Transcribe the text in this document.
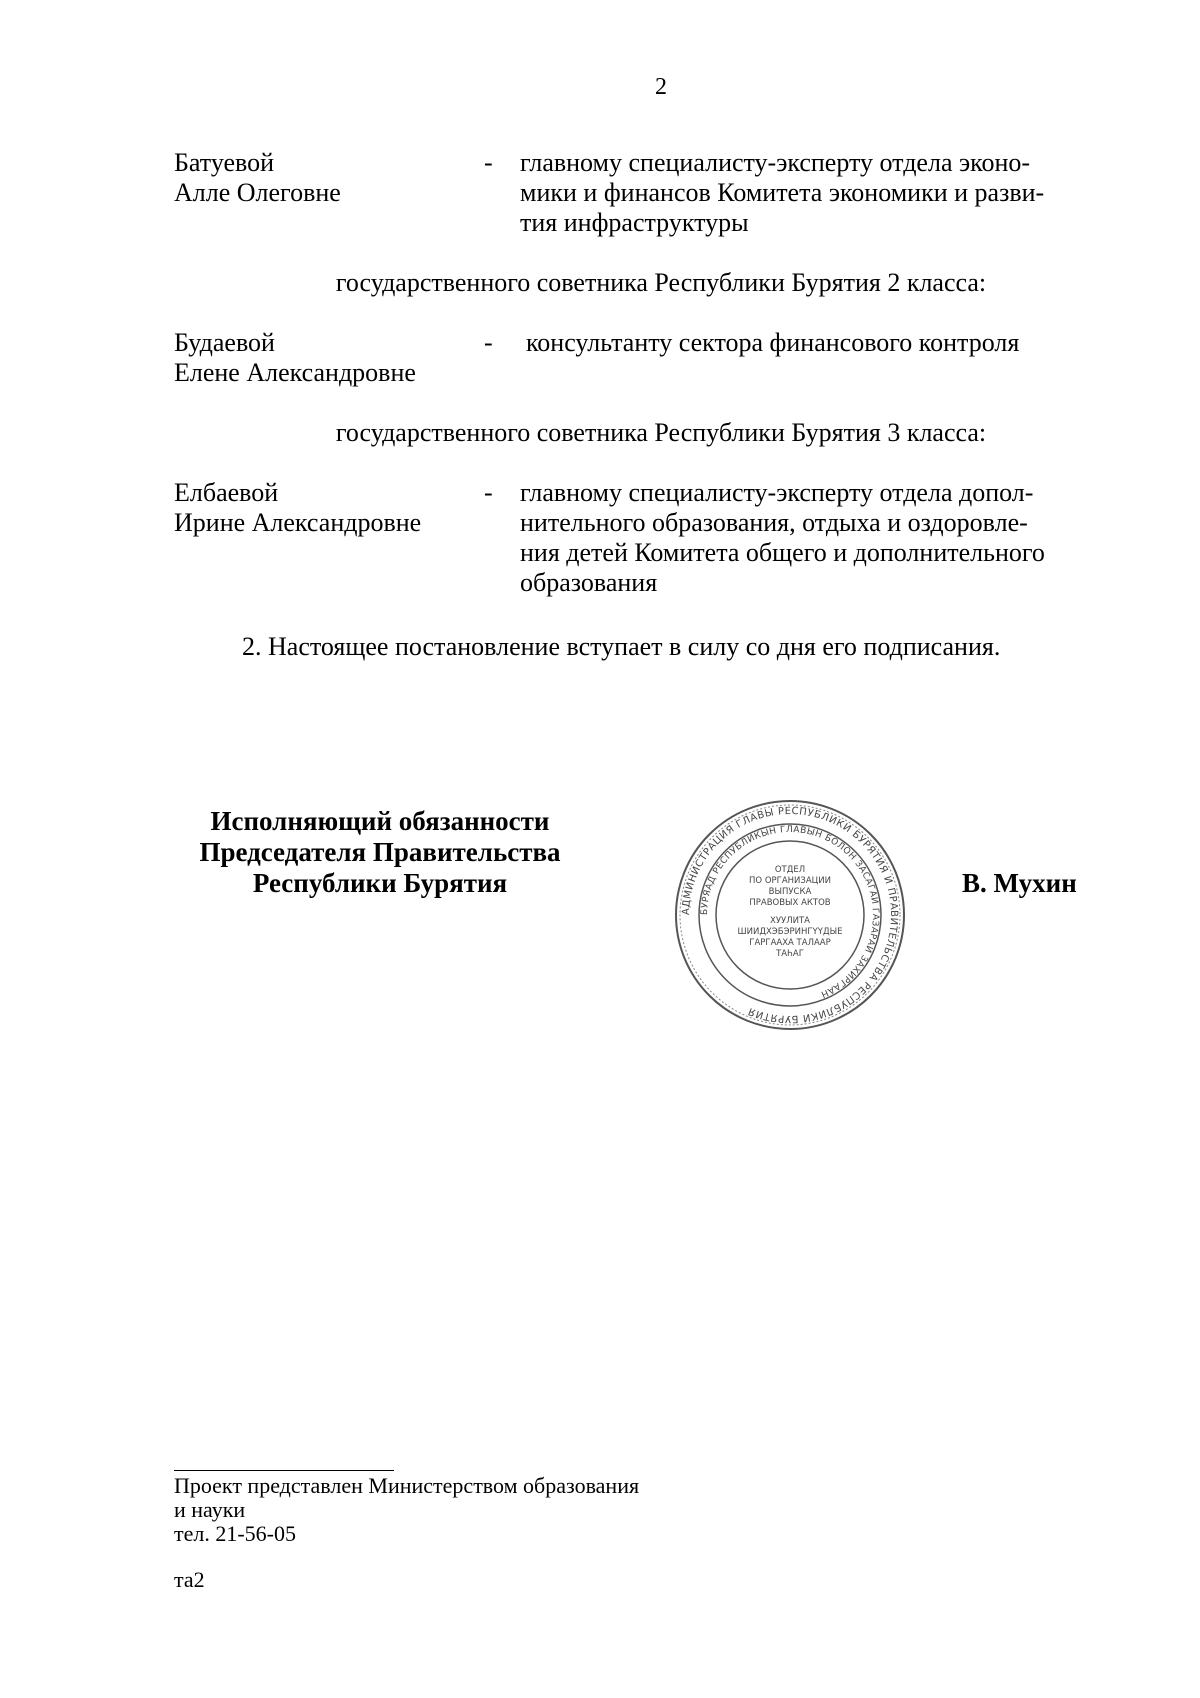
2
Батуевой
Алле Олеговне
- главному специалисту-эксперту отдела эконо-
мики и финансов Комитета экономики и разви-
тия инфраструктуры
государственного советника Республики Бурятия 2 класса:
Будаевой
Елене Александровне
- консультанту сектора финансового контроля
государственного советника Республики Бурятия 3 класса:
Елбаевой
Ирине Александровне
- главному специалисту-эксперту отдела допол-
нительного образования, отдыха и оздоровле-
ния детей Комитета общего и дополнительного
образования
2. Настоящее постановление вступает в силу со дня его подписания.
Исполняющий обязанности
Председателя Правительства
Республики Бурятия	В. Мухин
АДМИНИСТРАЦИЯ ГЛАВЫ РЕСПУБЛИКИ БУРЯТИЯ И ПРАВИТЕЛЬСТВА РЕСПУБЛИКИ БУРЯТИЯ
БУРЯАД РЕСПУБЛИКЫН ГЛАВЫН БОЛОН ЗАСАГАЙ ГАЗАРАЙ ЗАХИРГААН
ОТДЕЛ
ПО ОРГАНИЗАЦИИ
ВЫПУСКА
ПРАВОВЫХ АКТОВ
ХУУЛИТА
ШИИДХЭБЭРИНГҮҮДЫЕ
ГАРГААХА ТАЛААР
ТАҺАГ
Проект представлен Министерством образования
и науки
тел. 21-56-05
та2
